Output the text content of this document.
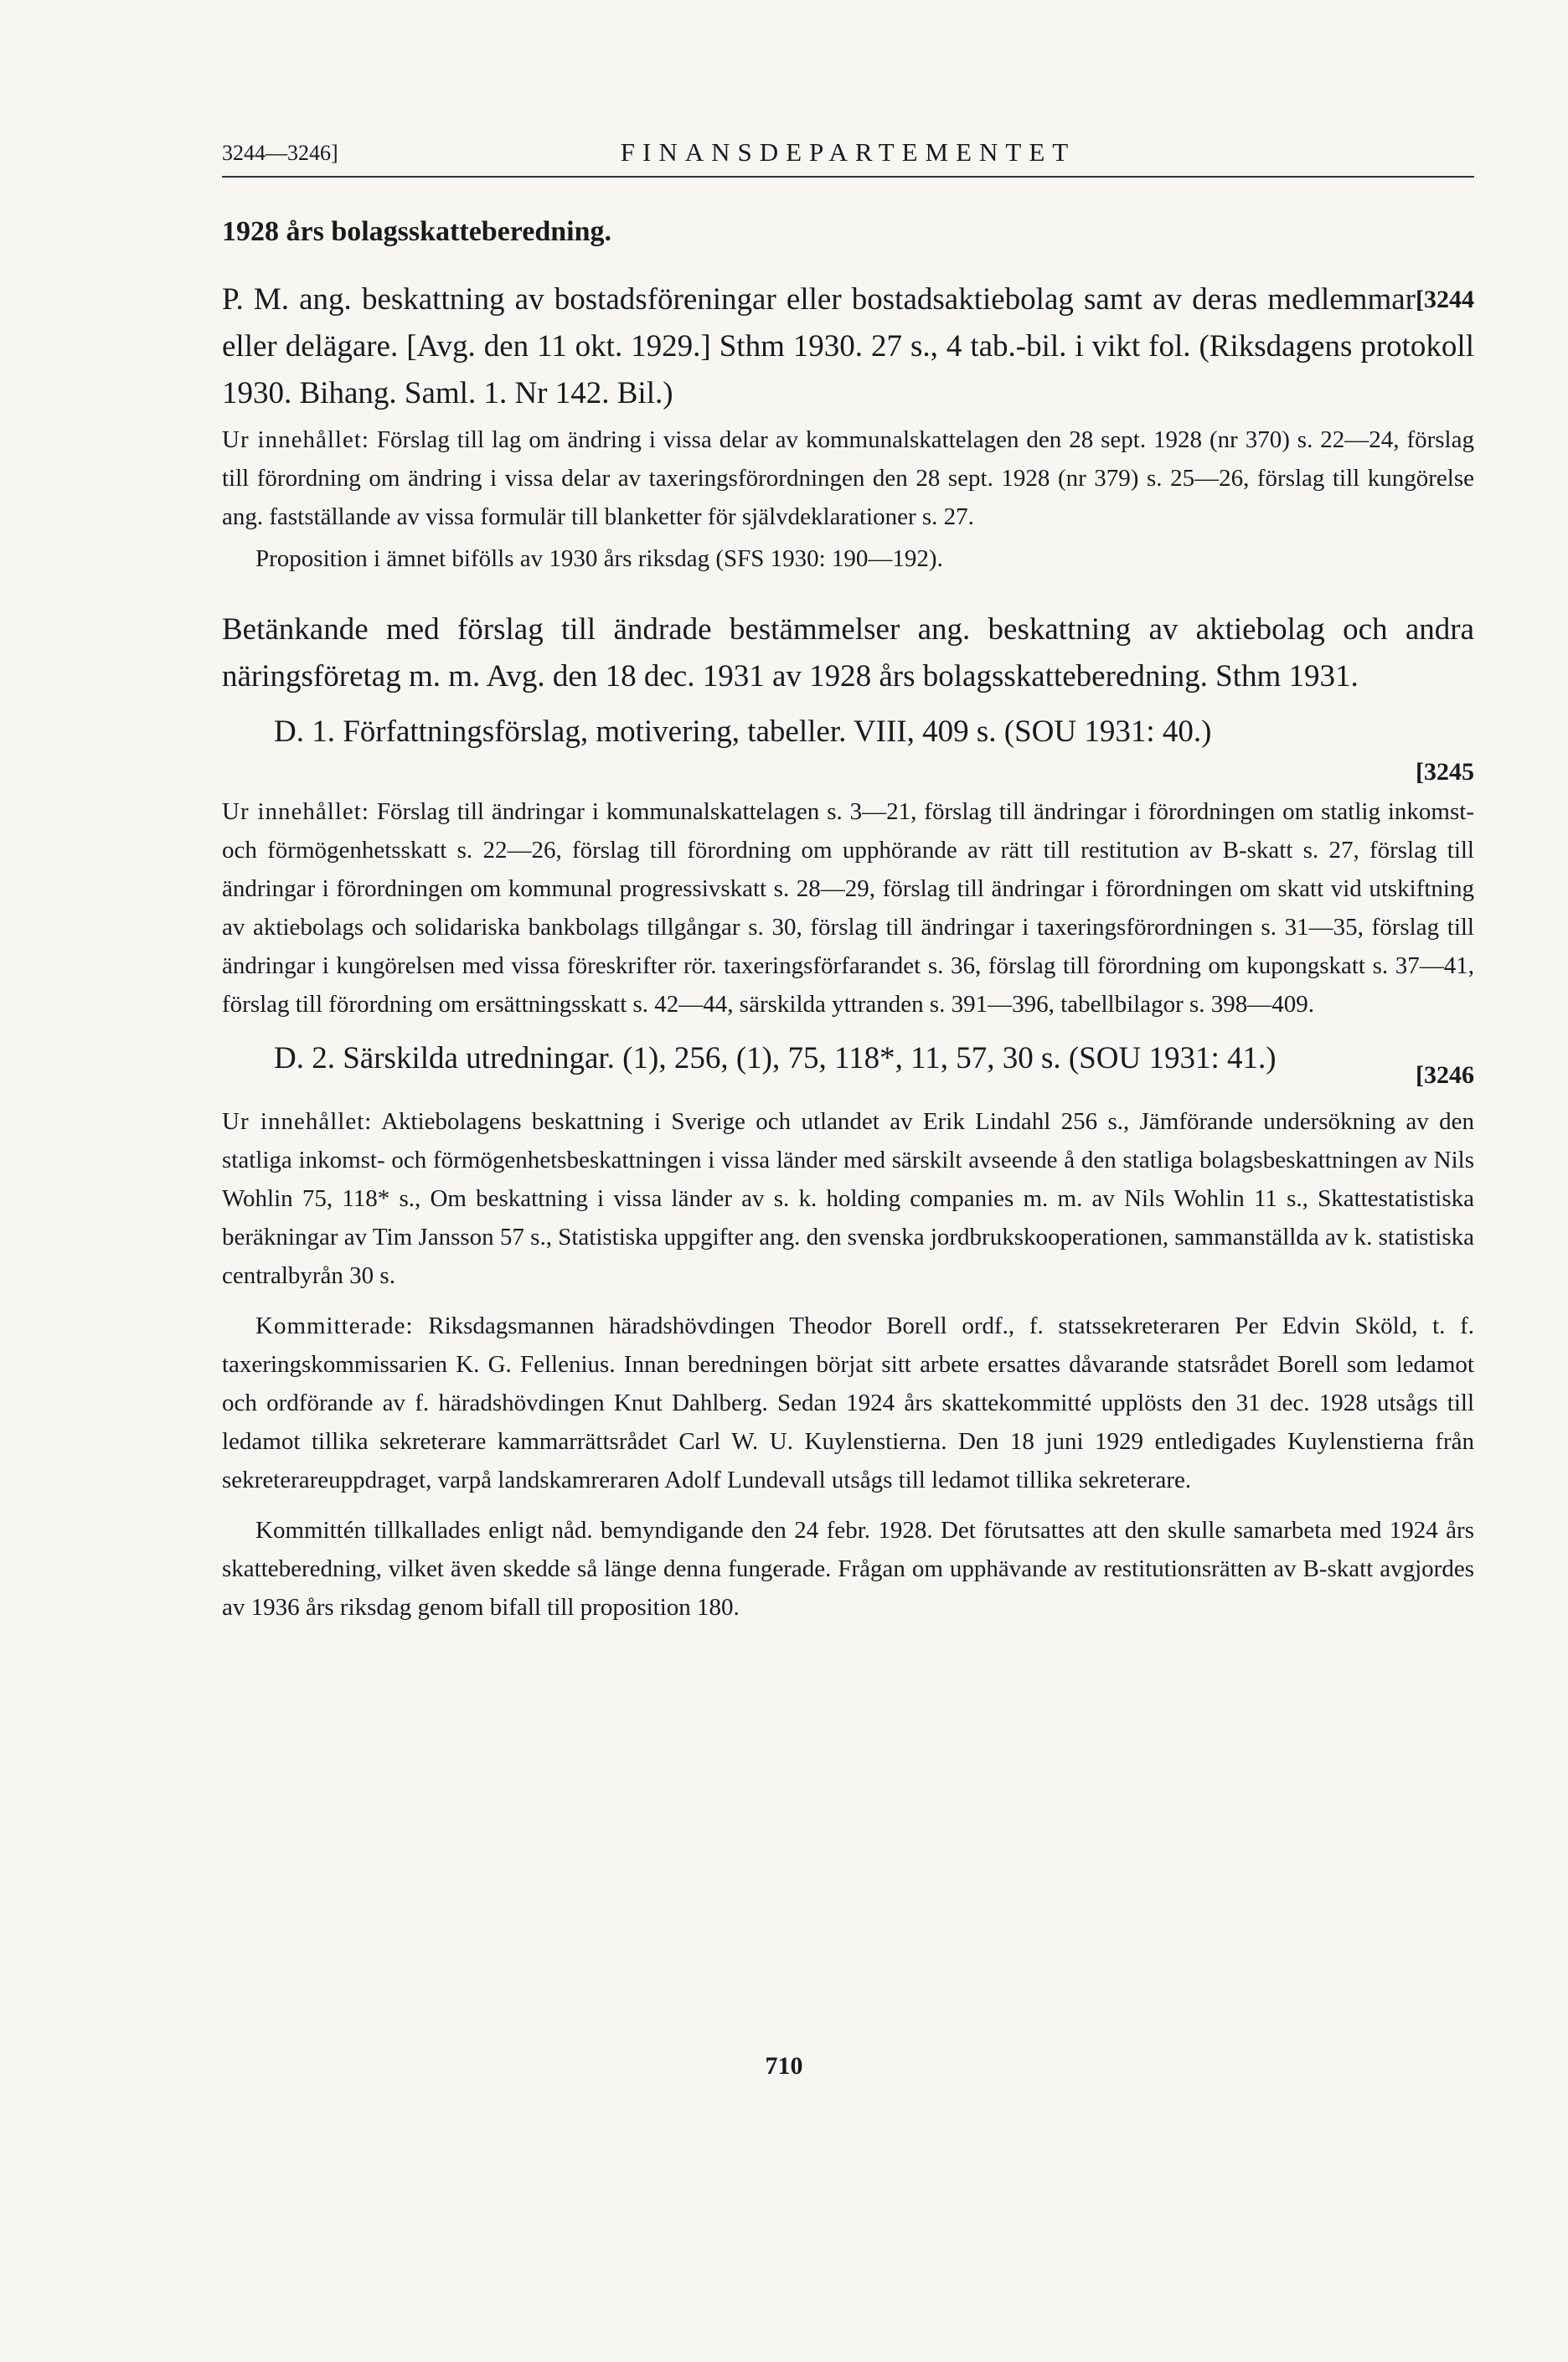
3244—3246]	FINANSDEPARTEMENTET
1928 års bolagsskatteberedning.
[3244
P. M. ang. beskattning av bostadsföreningar eller bostadsaktiebolag samt av deras medlemmar eller delägare. [Avg. den 11 okt. 1929.] Sthm 1930. 27 s., 4 tab.-bil. i vikt fol. (Riksdagens protokoll 1930. Bihang. Saml. 1. Nr 142. Bil.)
Ur innehållet: Förslag till lag om ändring i vissa delar av kommunalskattelagen den 28 sept. 1928 (nr 370) s. 22—24, förslag till förordning om ändring i vissa delar av taxeringsförordningen den 28 sept. 1928 (nr 379) s. 25—26, förslag till kungörelse ang. fastställande av vissa formulär till blanketter för självdeklarationer s. 27.
Proposition i ämnet bifölls av 1930 års riksdag (SFS 1930: 190—192).
Betänkande med förslag till ändrade bestämmelser ang. beskattning av aktiebolag och andra näringsföretag m. m. Avg. den 18 dec. 1931 av 1928 års bolagsskatteberedning. Sthm 1931.
D. 1. Författningsförslag, motivering, tabeller. VIII, 409 s. (SOU 1931: 40.)
[3245
Ur innehållet: Förslag till ändringar i kommunalskattelagen s. 3—21, förslag till ändringar i förordningen om statlig inkomst- och förmögenhetsskatt s. 22—26, förslag till förordning om upphörande av rätt till restitution av B-skatt s. 27, förslag till ändringar i förordningen om kommunal progressivskatt s. 28—29, förslag till ändringar i förordningen om skatt vid utskiftning av aktiebolags och solidariska bankbolags tillgångar s. 30, förslag till ändringar i taxeringsförordningen s. 31—35, förslag till ändringar i kungörelsen med vissa föreskrifter rör. taxeringsförfarandet s. 36, förslag till förordning om kupongskatt s. 37—41, förslag till förordning om ersättningsskatt s. 42—44, särskilda yttranden s. 391—396, tabellbilagor s. 398—409.
[3246
D. 2. Särskilda utredningar. (1), 256, (1), 75, 118*, 11, 57, 30 s. (SOU 1931: 41.)
Ur innehållet: Aktiebolagens beskattning i Sverige och utlandet av Erik Lindahl 256 s., Jämförande undersökning av den statliga inkomst- och förmögenhetsbeskattningen i vissa länder med särskilt avseende å den statliga bolagsbeskattningen av Nils Wohlin 75, 118* s., Om beskattning i vissa länder av s. k. holding companies m. m. av Nils Wohlin 11 s., Skattestatistiska beräkningar av Tim Jansson 57 s., Statistiska uppgifter ang. den svenska jordbrukskooperationen, sammanställda av k. statistiska centralbyrån 30 s.
Kommitterade: Riksdagsmannen häradshövdingen Theodor Borell ordf., f. statssekreteraren Per Edvin Sköld, t. f. taxeringskommissarien K. G. Fellenius. Innan beredningen börjat sitt arbete ersattes dåvarande statsrådet Borell som ledamot och ordförande av f. häradshövdingen Knut Dahlberg. Sedan 1924 års skattekommitté upplösts den 31 dec. 1928 utsågs till ledamot tillika sekreterare kammarrättsrådet Carl W. U. Kuylenstierna. Den 18 juni 1929 entledigades Kuylenstierna från sekreterareuppdraget, varpå landskamreraren Adolf Lundevall utsågs till ledamot tillika sekreterare.
Kommittén tillkallades enligt nåd. bemyndigande den 24 febr. 1928. Det förutsattes att den skulle samarbeta med 1924 års skatteberedning, vilket även skedde så länge denna fungerade. Frågan om upphävande av restitutionsrätten av B-skatt avgjordes av 1936 års riksdag genom bifall till proposition 180.
710
